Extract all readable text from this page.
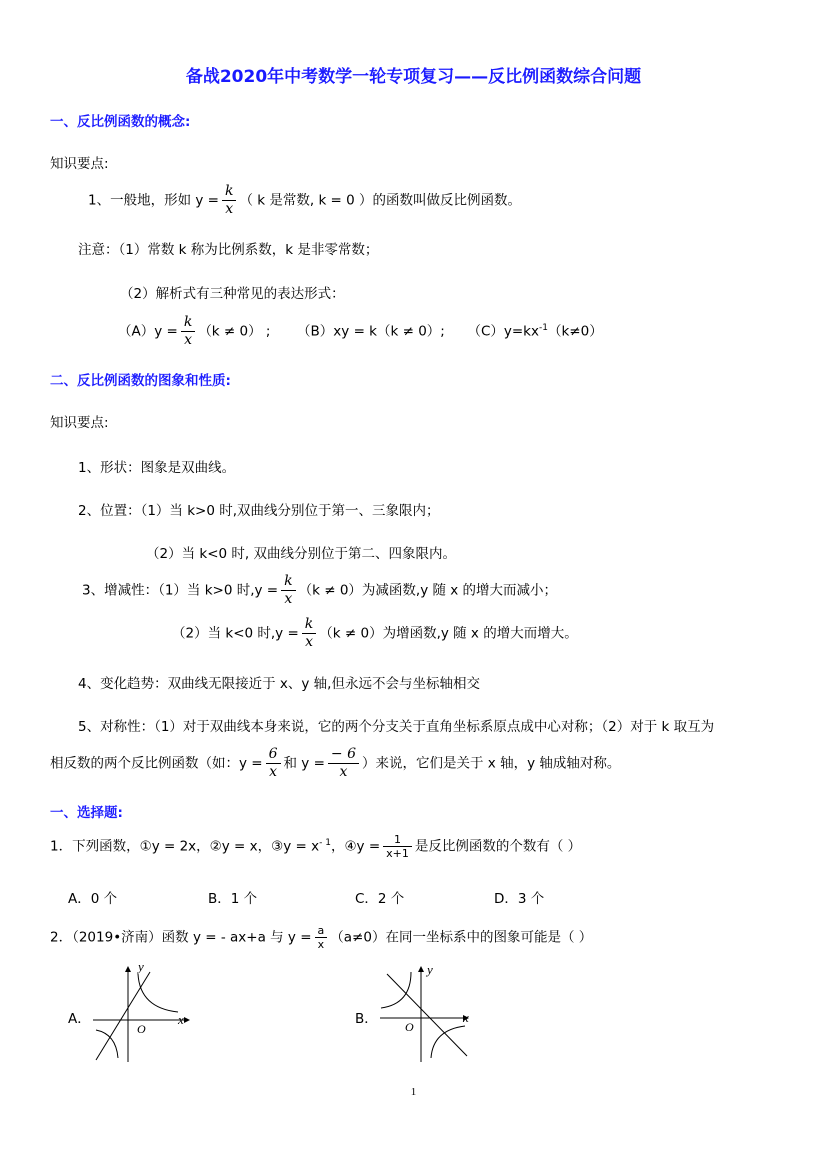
备战2020年中考数学一轮专项复习——反比例函数综合问题
一、反比例函数的概念:
知识要点:
1、一般地，形如 $y = \frac{k}{x}$ （ k 是常数, k = 0 ）的函数叫做反比例函数。
注意：（1）常数 k 称为比例系数，k 是非零常数；
（2）解析式有三种常见的表达形式：
$(A)y = \frac{k}{x} (k \ne 0)$ ; （B）xy = k（k ≠ 0）; $(C)y=kx^{-1}(k\ne 0)$
二、反比例函数的图象和性质:
知识要点:
1、形状：图象是双曲线。
2、位置：（1）当 k>0 时,双曲线分别位于第一、三象限内；
（2）当 k<0 时, 双曲线分别位于第二、四象限内。
3、增减性：（1）当 k>0 时$,y = \frac{k}{x} (k \ne 0)$为减函数,y 随 x 的增大而减小；
（2）当 k<0 时$,y = \frac{k}{x} (k \ne 0)$为增函数,y 随 x 的增大而增大。
4、变化趋势：双曲线无限接近于 x、y 轴,但永远不会与坐标轴相交
5、对称性：（1）对于双曲线本身来说，它的两个分支关于直角坐标系原点成中心对称；（2）对于 k 取互为
相反数的两个反比例函数（如：$y = \frac{6}{x}$ 和 $y = \frac{- 6}{x}$ ）来说，它们是关于 x 轴，y 轴成轴对称。
一、选择题:
1．下列函数，①y = 2x，②y = x，③y = $x^{- 1}$，④y = $\frac{1}{x+1}$ 是反比例函数的个数有（ ）
A．0 个	B．1 个	C．2 个	D．3 个
2．（2019•济南）函数 y = - ax+a 与 $y = \frac{a}{x} (a\ne 0)$在同一坐标系中的图象可能是（ ）
A．
O
x
y
B． O
x
y
1
